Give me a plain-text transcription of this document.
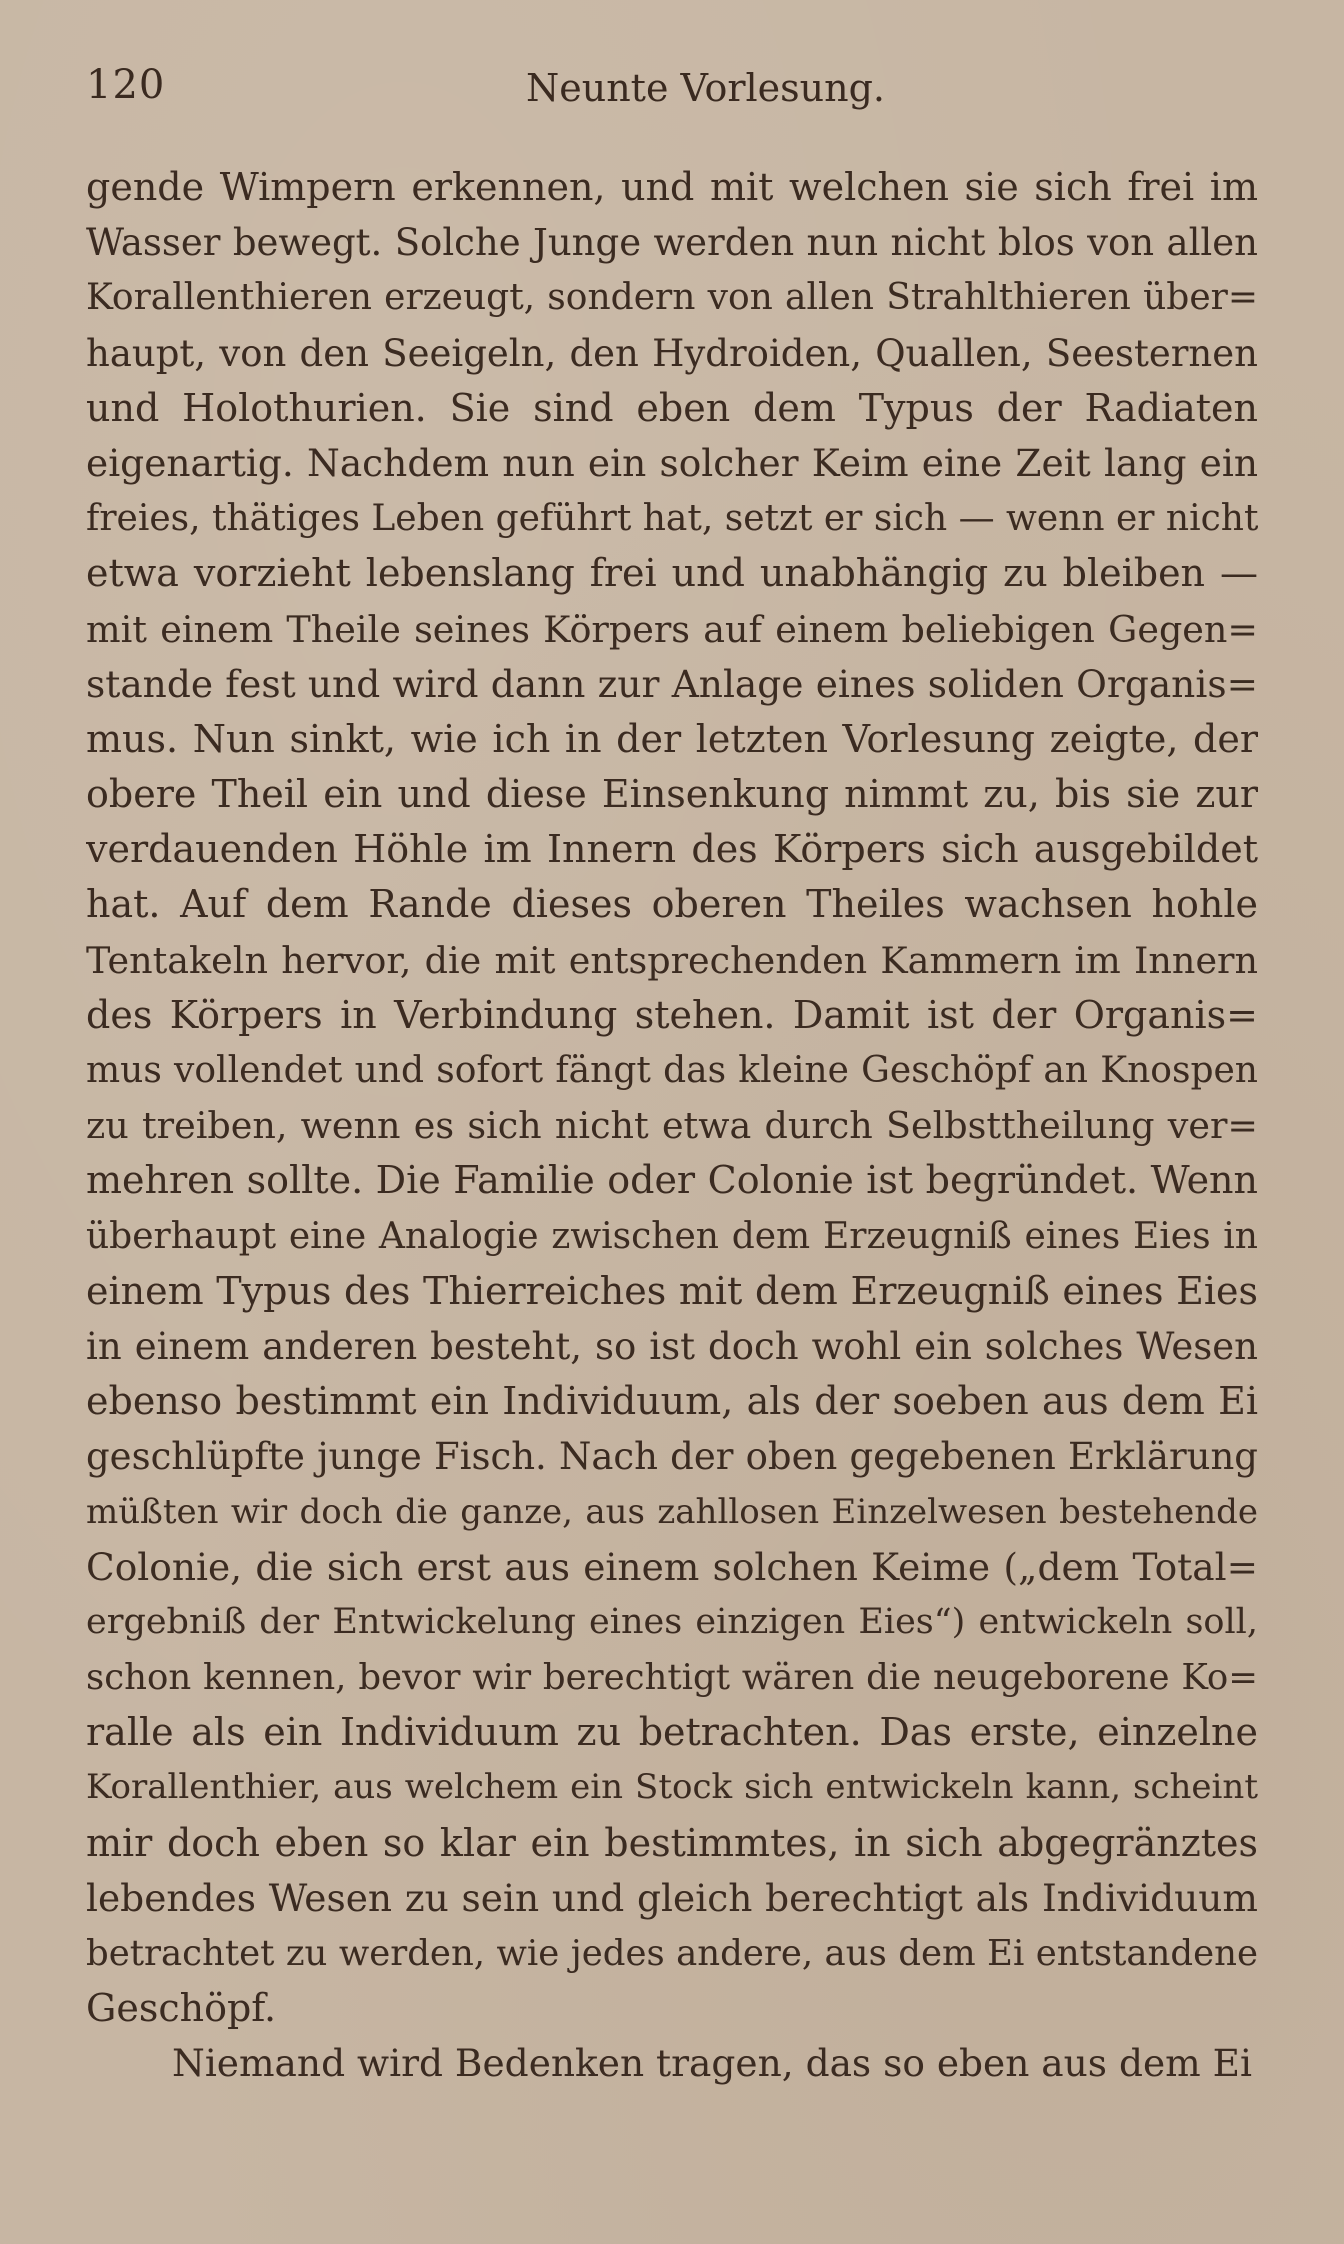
120	Neunte Vorlesung.
gende Wimpern erkennen, und mit welchen sie sich frei im
Wasser bewegt. Solche Junge werden nun nicht blos von allen
Korallenthieren erzeugt, sondern von allen Strahlthieren über=
haupt, von den Seeigeln, den Hydroiden, Quallen, Seesternen
und Holothurien. Sie sind eben dem Typus der Radiaten
eigenartig. Nachdem nun ein solcher Keim eine Zeit lang ein
freies, thätiges Leben geführt hat, setzt er sich — wenn er nicht
etwa vorzieht lebenslang frei und unabhängig zu bleiben —
mit einem Theile seines Körpers auf einem beliebigen Gegen=
stande fest und wird dann zur Anlage eines soliden Organis=
mus. Nun sinkt, wie ich in der letzten Vorlesung zeigte, der
obere Theil ein und diese Einsenkung nimmt zu, bis sie zur
verdauenden Höhle im Innern des Körpers sich ausgebildet
hat. Auf dem Rande dieses oberen Theiles wachsen hohle
Tentakeln hervor, die mit entsprechenden Kammern im Innern
des Körpers in Verbindung stehen. Damit ist der Organis=
mus vollendet und sofort fängt das kleine Geschöpf an Knospen
zu treiben, wenn es sich nicht etwa durch Selbsttheilung ver=
mehren sollte. Die Familie oder Colonie ist begründet. Wenn
überhaupt eine Analogie zwischen dem Erzeugniß eines Eies in
einem Typus des Thierreiches mit dem Erzeugniß eines Eies
in einem anderen besteht, so ist doch wohl ein solches Wesen
ebenso bestimmt ein Individuum, als der soeben aus dem Ei
geschlüpfte junge Fisch. Nach der oben gegebenen Erklärung
müßten wir doch die ganze, aus zahllosen Einzelwesen bestehende
Colonie, die sich erst aus einem solchen Keime („dem Total=
ergebniß der Entwickelung eines einzigen Eies“) entwickeln soll,
schon kennen, bevor wir berechtigt wären die neugeborene Ko=
ralle als ein Individuum zu betrachten. Das erste, einzelne
Korallenthier, aus welchem ein Stock sich entwickeln kann, scheint
mir doch eben so klar ein bestimmtes, in sich abgegränztes
lebendes Wesen zu sein und gleich berechtigt als Individuum
betrachtet zu werden, wie jedes andere, aus dem Ei entstandene
Geschöpf.
Niemand wird Bedenken tragen, das so eben aus dem Ei
